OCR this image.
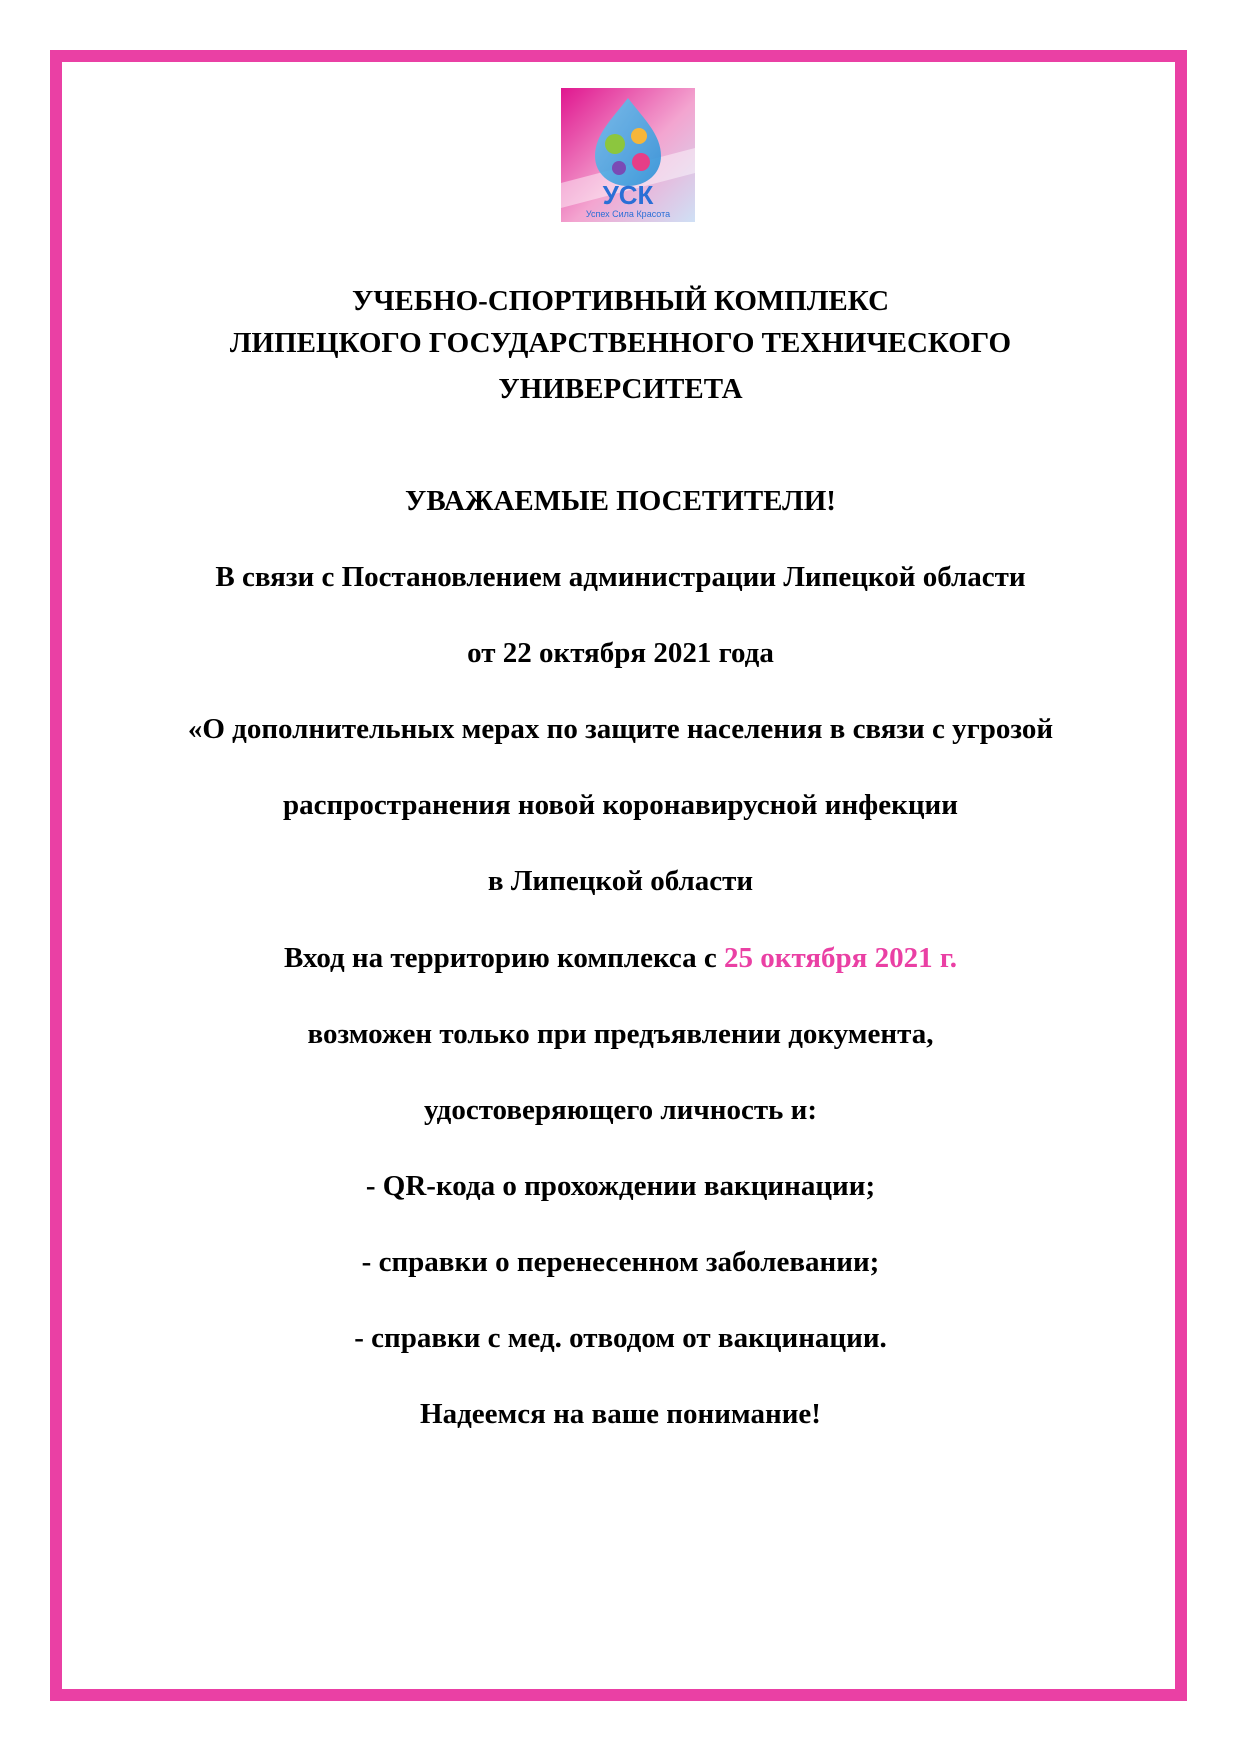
УСК
Успех Сила Красота
УЧЕБНО-СПОРТИВНЫЙ КОМПЛЕКС
ЛИПЕЦКОГО ГОСУДАРСТВЕННОГО ТЕХНИЧЕСКОГО
УНИВЕРСИТЕТА
УВАЖАЕМЫЕ ПОСЕТИТЕЛИ!
В связи с Постановлением администрации Липецкой области
от 22 октября 2021 года
«О дополнительных мерах по защите населения в связи с угрозой
распространения новой коронавирусной инфекции
в Липецкой области
Вход на территорию комплекса с 25 октября 2021 г.
возможен только при предъявлении документа,
удостоверяющего личность и:
- QR-кода о прохождении вакцинации;
- справки о перенесенном заболевании;
- справки с мед. отводом от вакцинации.
Надеемся на ваше понимание!
